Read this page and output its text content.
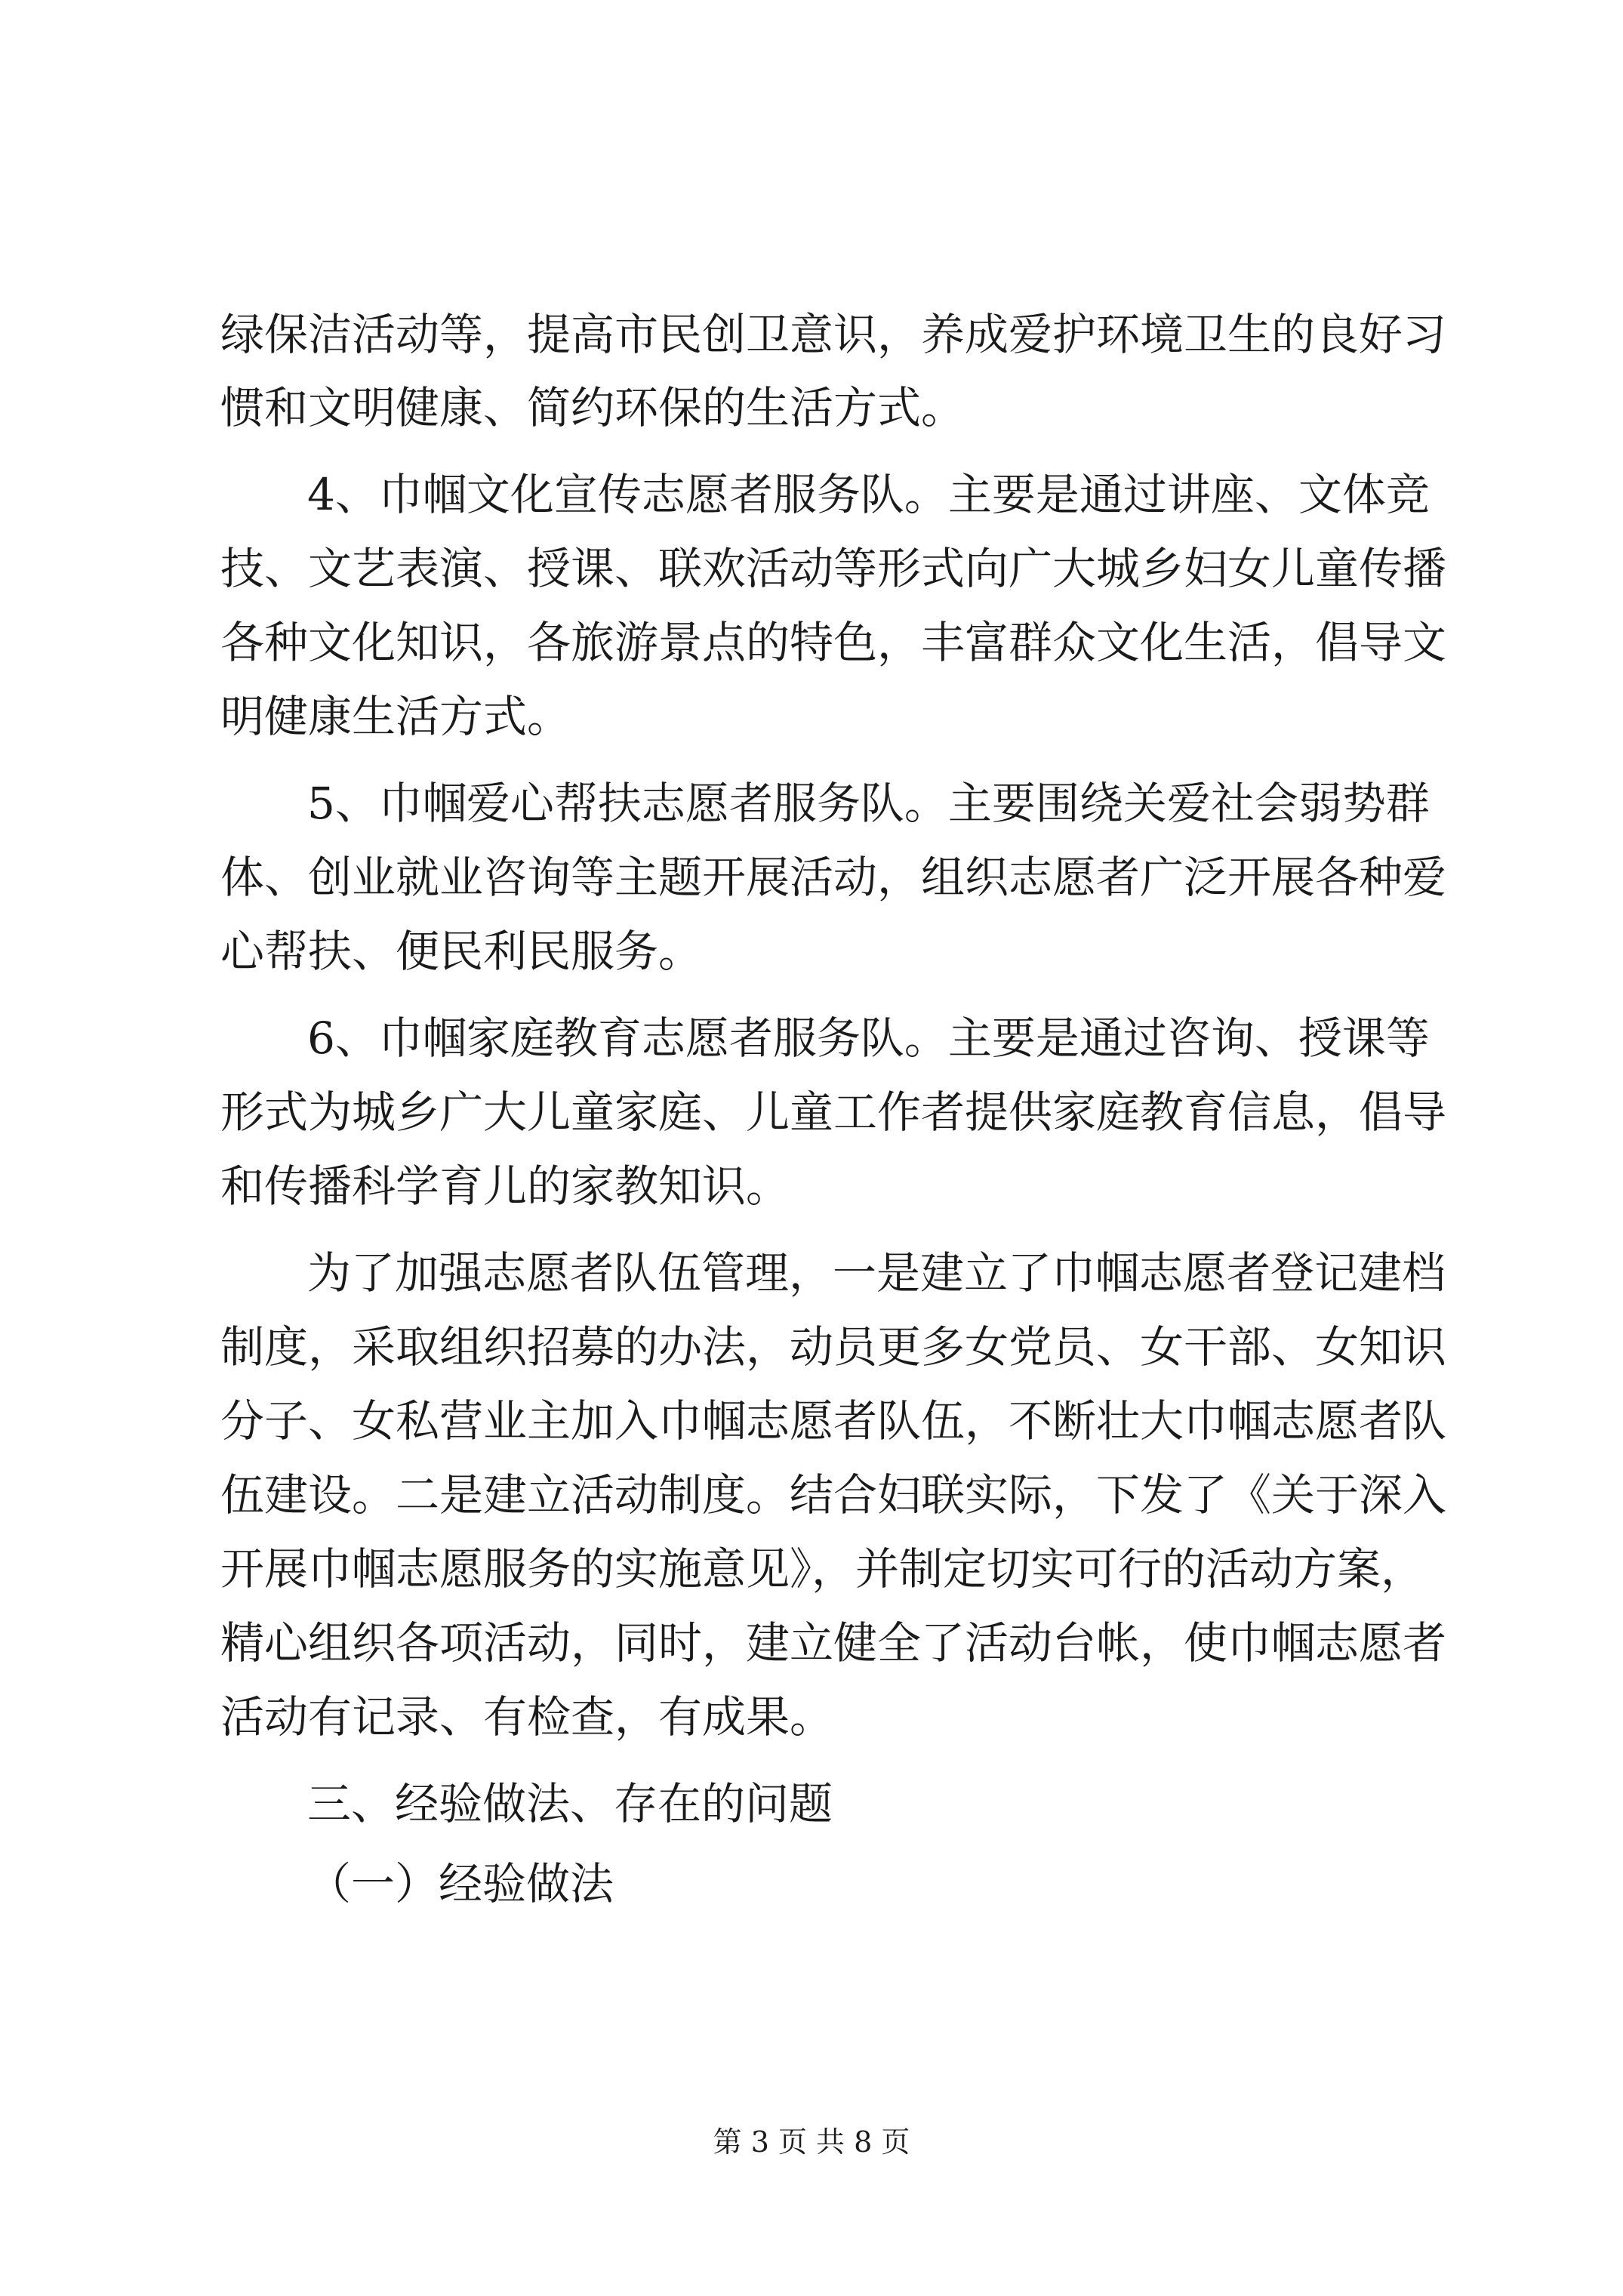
绿保洁活动等，提高市民创卫意识，养成爱护环境卫生的良好习
惯和文明健康、简约环保的生活方式。
4、巾帼文化宣传志愿者服务队。主要是通过讲座、文体竞
技、文艺表演、授课、联欢活动等形式向广大城乡妇女儿童传播
各种文化知识，各旅游景点的特色，丰富群众文化生活，倡导文
明健康生活方式。
5、巾帼爱心帮扶志愿者服务队。主要围绕关爱社会弱势群
体、创业就业咨询等主题开展活动，组织志愿者广泛开展各种爱
心帮扶、便民利民服务。
6、巾帼家庭教育志愿者服务队。主要是通过咨询、授课等
形式为城乡广大儿童家庭、儿童工作者提供家庭教育信息，倡导
和传播科学育儿的家教知识。
为了加强志愿者队伍管理，一是建立了巾帼志愿者登记建档
制度，采取组织招募的办法，动员更多女党员、女干部、女知识
分子、女私营业主加入巾帼志愿者队伍，不断壮大巾帼志愿者队
伍建设。二是建立活动制度。结合妇联实际，下发了《关于深入
开展巾帼志愿服务的实施意见》，并制定切实可行的活动方案，
精心组织各项活动，同时，建立健全了活动台帐，使巾帼志愿者
活动有记录、有检查，有成果。
三、经验做法、存在的问题
（一）经验做法
第 3 页 共 8 页
